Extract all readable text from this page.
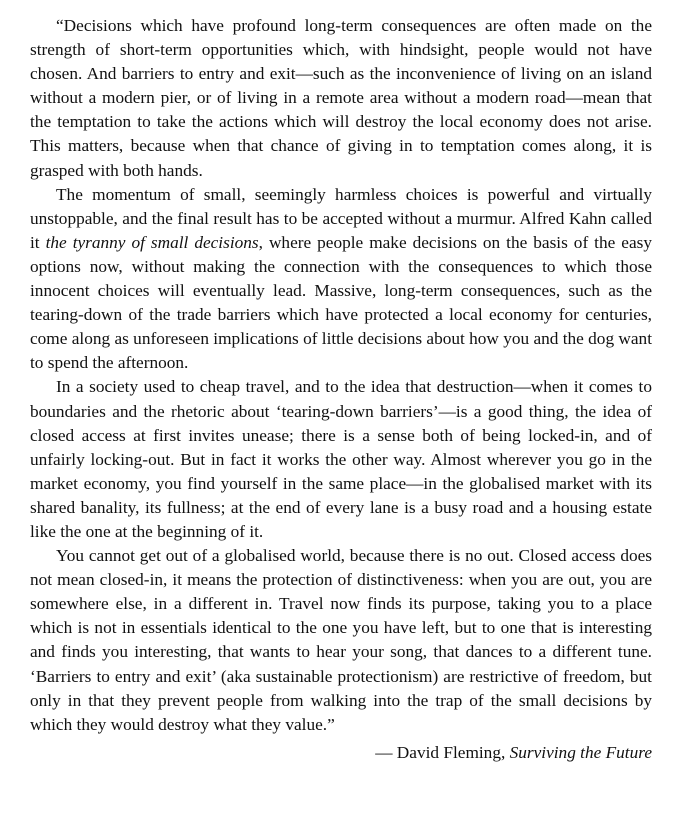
“Decisions which have profound long‑term consequences are often made on the strength of short‑term opportunities which, with hindsight, people would not have chosen. And barriers to entry and exit—such as the inconvenience of living on an island without a modern pier, or of living in a remote area without a modern road—mean that the temptation to take the actions which will destroy the local economy does not arise. This matters, because when that chance of giving in to temptation comes along, it is grasped with both hands.

The momentum of small, seemingly harmless choices is powerful and virtually unstoppable, and the final result has to be accepted without a murmur. Alfred Kahn called it the tyranny of small decisions, where people make decisions on the basis of the easy options now, without making the connection with the consequences to which those innocent choices will eventually lead. Massive, long‑term consequences, such as the tearing‑down of the trade barriers which have protected a local economy for centuries, come along as unforeseen implications of little decisions about how you and the dog want to spend the afternoon.

In a society used to cheap travel, and to the idea that destruction—when it comes to boundaries and the rhetoric about ‘tearing‑down barriers’—is a good thing, the idea of closed access at first invites unease; there is a sense both of being locked‑in, and of unfairly locking‑out. But in fact it works the other way. Almost wherever you go in the market economy, you find yourself in the same place—in the globalised market with its shared banality, its fullness; at the end of every lane is a busy road and a housing estate like the one at the beginning of it.

You cannot get out of a globalised world, because there is no out. Closed access does not mean closed‑in, it means the protection of distinctiveness: when you are out, you are somewhere else, in a different in. Travel now finds its purpose, taking you to a place which is not in essentials identical to the one you have left, but to one that is interesting and finds you interesting, that wants to hear your song, that dances to a different tune. ‘Barriers to entry and exit’ (aka sustainable protectionism) are restrictive of freedom, but only in that they prevent people from walking into the trap of the small decisions by which they would destroy what they value.”

— David Fleming, Surviving the Future
